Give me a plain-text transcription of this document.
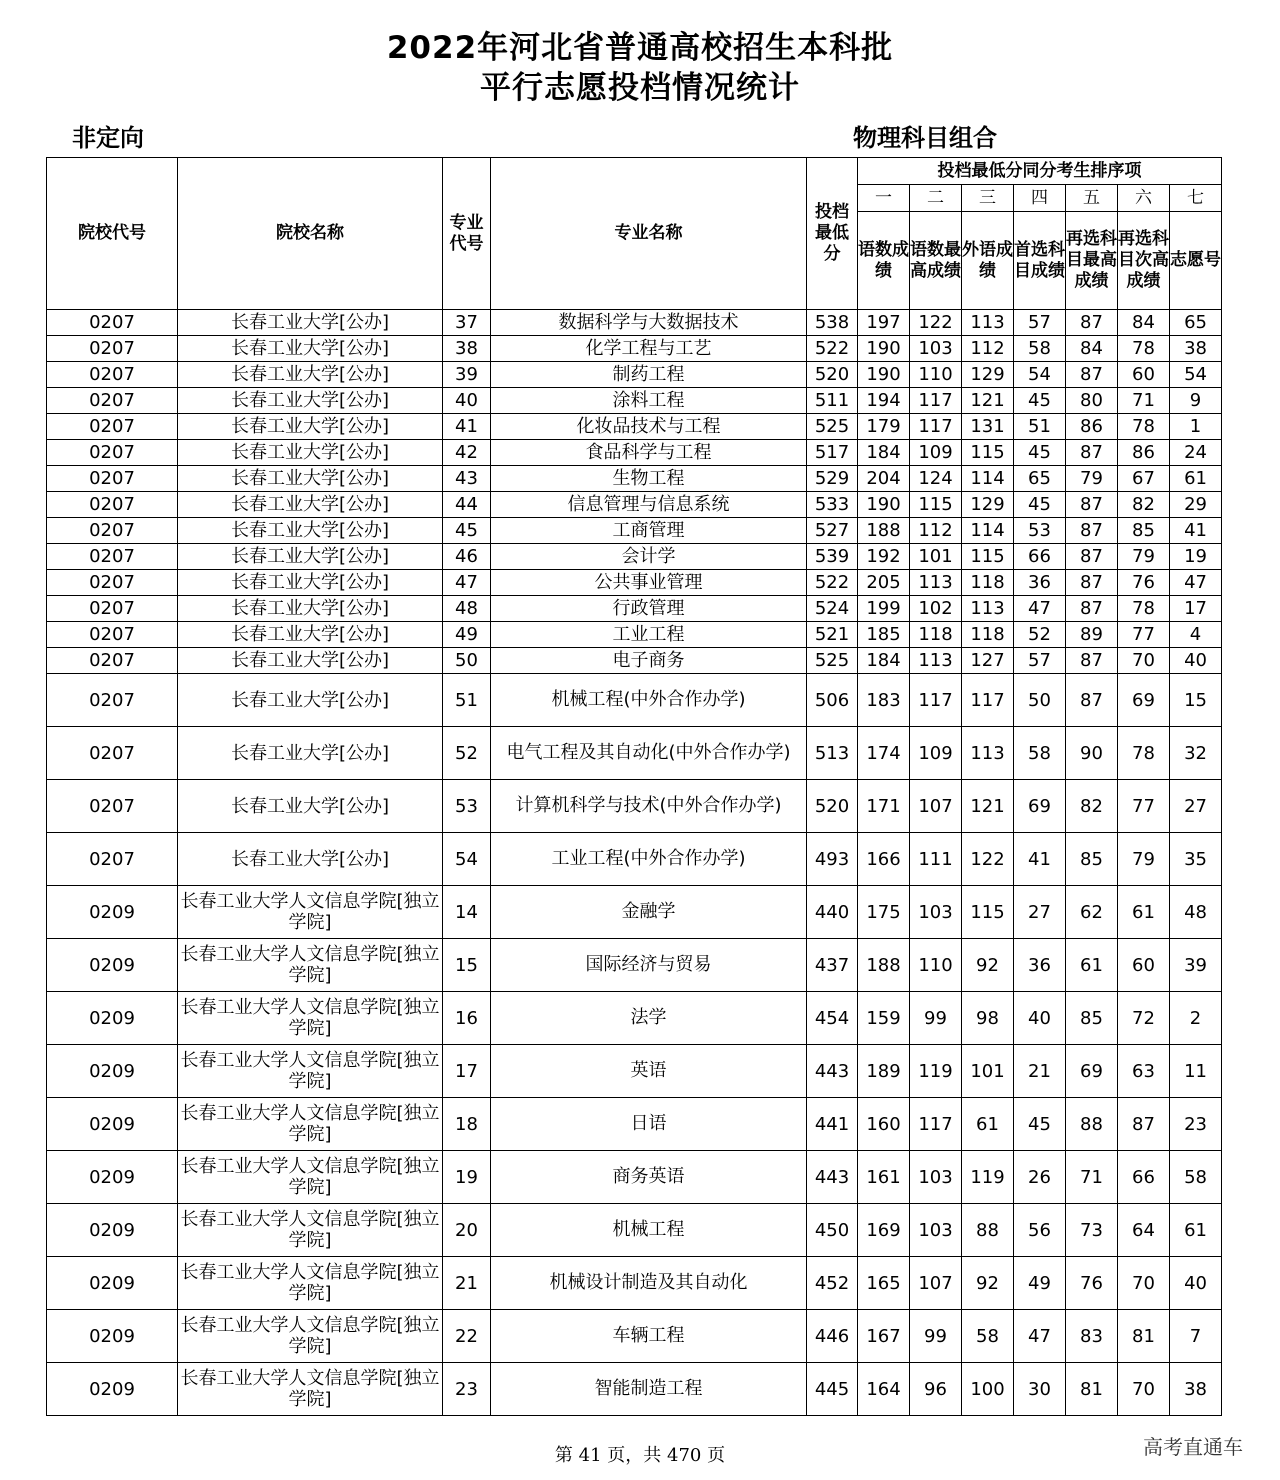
2022年河北省普通高校招生本科批
平行志愿投档情况统计
非定向	物理科目组合
院校代号	院校名称	专业代号	专业名称	投档最低分	投档最低分同分考生排序项						
					一	二	三	四	五	六	七
					语数成绩	语数最高成绩	外语成绩	首选科目成绩	再选科目最高成绩	再选科目次高成绩	志愿号
0207	长春工业大学[公办]	37	数据科学与大数据技术	538	197	122	113	57	87	84	65
0207	长春工业大学[公办]	38	化学工程与工艺	522	190	103	112	58	84	78	38
0207	长春工业大学[公办]	39	制药工程	520	190	110	129	54	87	60	54
0207	长春工业大学[公办]	40	涂料工程	511	194	117	121	45	80	71	9
0207	长春工业大学[公办]	41	化妆品技术与工程	525	179	117	131	51	86	78	1
0207	长春工业大学[公办]	42	食品科学与工程	517	184	109	115	45	87	86	24
0207	长春工业大学[公办]	43	生物工程	529	204	124	114	65	79	67	61
0207	长春工业大学[公办]	44	信息管理与信息系统	533	190	115	129	45	87	82	29
0207	长春工业大学[公办]	45	工商管理	527	188	112	114	53	87	85	41
0207	长春工业大学[公办]	46	会计学	539	192	101	115	66	87	79	19
0207	长春工业大学[公办]	47	公共事业管理	522	205	113	118	36	87	76	47
0207	长春工业大学[公办]	48	行政管理	524	199	102	113	47	87	78	17
0207	长春工业大学[公办]	49	工业工程	521	185	118	118	52	89	77	4
0207	长春工业大学[公办]	50	电子商务	525	184	113	127	57	87	70	40
0207	长春工业大学[公办]	51	机械工程(中外合作办学)	506	183	117	117	50	87	69	15
0207	长春工业大学[公办]	52	电气工程及其自动化(中外合作办学)	513	174	109	113	58	90	78	32
0207	长春工业大学[公办]	53	计算机科学与技术(中外合作办学)	520	171	107	121	69	82	77	27
0207	长春工业大学[公办]	54	工业工程(中外合作办学)	493	166	111	122	41	85	79	35
0209	长春工业大学人文信息学院[独立学院]	14	金融学	440	175	103	115	27	62	61	48
0209	长春工业大学人文信息学院[独立学院]	15	国际经济与贸易	437	188	110	92	36	61	60	39
0209	长春工业大学人文信息学院[独立学院]	16	法学	454	159	99	98	40	85	72	2
0209	长春工业大学人文信息学院[独立学院]	17	英语	443	189	119	101	21	69	63	11
0209	长春工业大学人文信息学院[独立学院]	18	日语	441	160	117	61	45	88	87	23
0209	长春工业大学人文信息学院[独立学院]	19	商务英语	443	161	103	119	26	71	66	58
0209	长春工业大学人文信息学院[独立学院]	20	机械工程	450	169	103	88	56	73	64	61
0209	长春工业大学人文信息学院[独立学院]	21	机械设计制造及其自动化	452	165	107	92	49	76	70	40
0209	长春工业大学人文信息学院[独立学院]	22	车辆工程	446	167	99	58	47	83	81	7
0209	长春工业大学人文信息学院[独立学院]	23	智能制造工程	445	164	96	100	30	81	70	38
第 41 页，共 470 页	高考直通车
